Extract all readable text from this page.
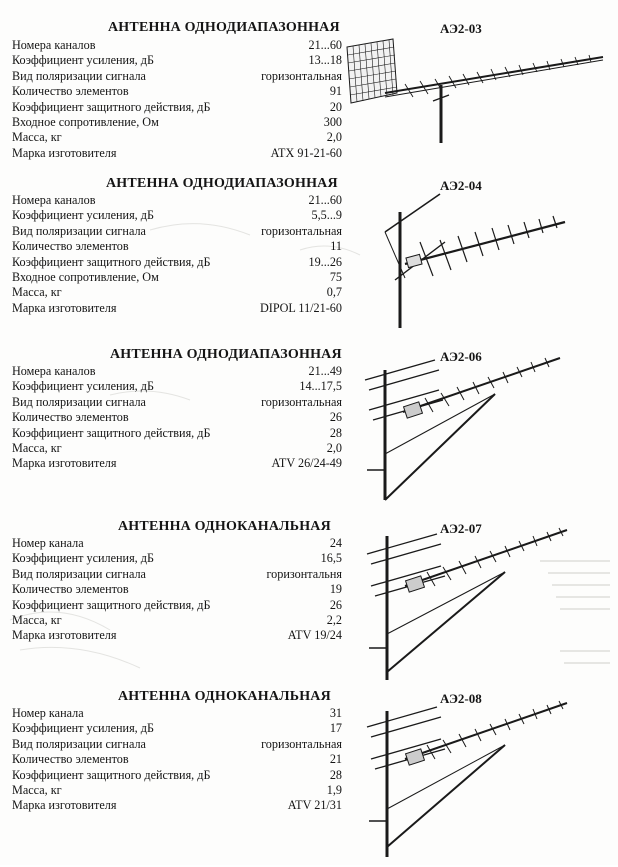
АНТЕННА ОДНОДИАПАЗОННАЯ	АЭ2-03
Номера каналов	21...60
Коэффициент усиления, дБ	13...18
Вид поляризации сигнала	горизонтальная
Количество элементов	91
Коэффициент защитного действия, дБ	20
Входное сопротивление, Ом	300
Масса, кг	2,0
Марка изготовителя	ATX 91-21-60
АНТЕННА ОДНОДИАПАЗОННАЯ	АЭ2-04
Номера каналов	21...60
Коэффициент усиления, дБ	5,5...9
Вид поляризации сигнала	горизонтальная
Количество элементов	11
Коэффициент защитного действия, дБ	19...26
Входное сопротивление, Ом	75
Масса, кг	0,7
Марка изготовителя	DIPOL 11/21-60
АНТЕННА ОДНОДИАПАЗОННАЯ	АЭ2-06
Номера каналов	21...49
Коэффициент усиления, дБ	14...17,5
Вид поляризации сигнала	горизонтальная
Количество элементов	26
Коэффициент защитного действия, дБ	28
Масса, кг	2,0
Марка изготовителя	ATV 26/24-49
АНТЕННА ОДНОКАНАЛЬНАЯ	АЭ2-07
Номер канала	24
Коэффициент усиления, дБ	16,5
Вид поляризации сигнала	горизонтальня
Количество элементов	19
Коэффициент защитного действия, дБ	26
Масса, кг	2,2
Марка изготовителя	ATV 19/24
АНТЕННА ОДНОКАНАЛЬНАЯ	АЭ2-08
Номер канала	31
Коэффициент усиления, дБ	17
Вид поляризации сигнала	горизонтальная
Количество элементов	21
Коэффициент защитного действия, дБ	28
Масса, кг	1,9
Марка изготовителя	ATV 21/31
